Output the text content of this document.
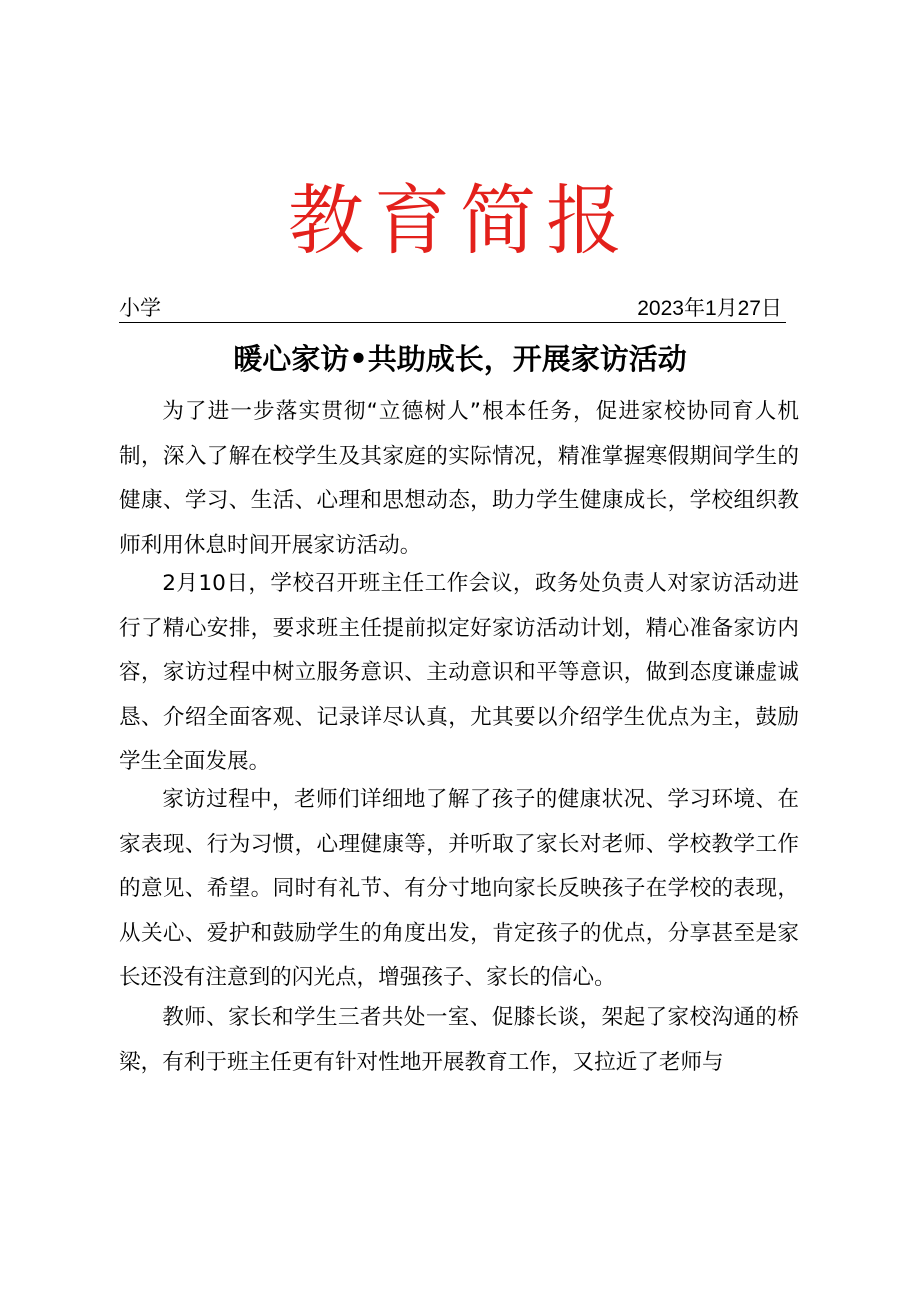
教育简报
小学	2023年1月27日
暖心家访•共助成长，开展家访活动

为了进一步落实贯彻“立德树人”根本任务，促进家校协同育人机制，深入了解在校学生及其家庭的实际情况，精准掌握寒假期间学生的健康、学习、生活、心理和思想动态，助力学生健康成长，学校组织教师利用休息时间开展家访活动。

2月10日，学校召开班主任工作会议，政务处负责人对家访活动进行了精心安排，要求班主任提前拟定好家访活动计划，精心准备家访内容，家访过程中树立服务意识、主动意识和平等意识，做到态度谦虚诚恳、介绍全面客观、记录详尽认真，尤其要以介绍学生优点为主，鼓励学生全面发展。

家访过程中，老师们详细地了解了孩子的健康状况、学习环境、在家表现、行为习惯，心理健康等，并听取了家长对老师、学校教学工作的意见、希望。同时有礼节、有分寸地向家长反映孩子在学校的表现，从关心、爱护和鼓励学生的角度出发，肯定孩子的优点，分享甚至是家长还没有注意到的闪光点，增强孩子、家长的信心。

教师、家长和学生三者共处一室、促膝长谈，架起了家校沟通的桥梁，有利于班主任更有针对性地开展教育工作，又拉近了老师与
